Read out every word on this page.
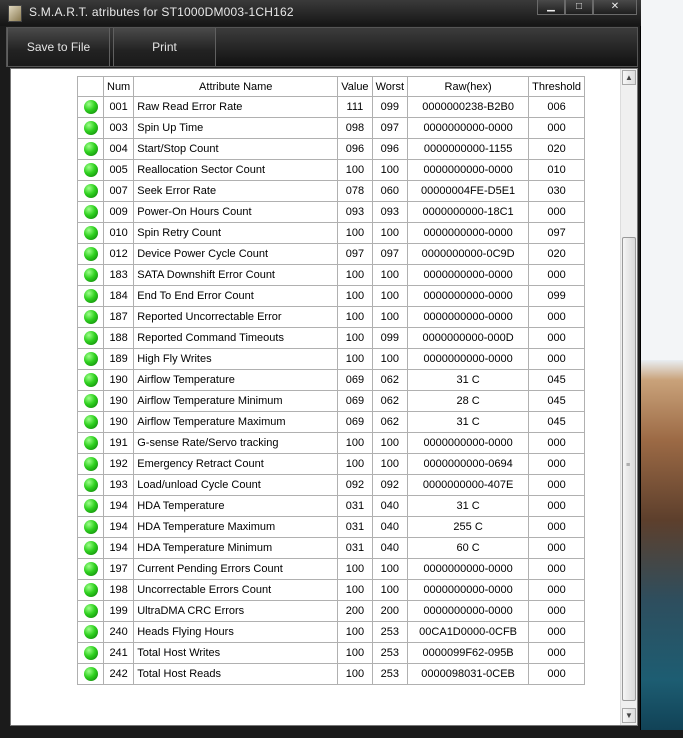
S.M.A.R.T. atributes for ST1000DM003-1CH162	▁	□	✕
Save to File	Print
	Num	Attribute Name	Value	Worst	Raw(hex)	Threshold

	001	Raw Read Error Rate	111	099	0000000238-B2B0	006

	003	Spin Up Time	098	097	0000000000-0000	000

	004	Start/Stop Count	096	096	0000000000-1155	020

	005	Reallocation Sector Count	100	100	0000000000-0000	010

	007	Seek Error Rate	078	060	00000004FE-D5E1	030

	009	Power-On Hours Count	093	093	0000000000-18C1	000

	010	Spin Retry Count	100	100	0000000000-0000	097

	012	Device Power Cycle Count	097	097	0000000000-0C9D	020

	183	SATA Downshift Error Count	100	100	0000000000-0000	000

	184	End To End Error Count	100	100	0000000000-0000	099

	187	Reported Uncorrectable Error	100	100	0000000000-0000	000

	188	Reported Command Timeouts	100	099	0000000000-000D	000

	189	High Fly Writes	100	100	0000000000-0000	000

	190	Airflow Temperature	069	062	31 C	045

	190	Airflow Temperature Minimum	069	062	28 C	045

	190	Airflow Temperature Maximum	069	062	31 C	045

	191	G-sense Rate/Servo tracking	100	100	0000000000-0000	000

	192	Emergency Retract Count	100	100	0000000000-0694	000

	193	Load/unload Cycle Count	092	092	0000000000-407E	000

	194	HDA Temperature	031	040	31 C	000

	194	HDA Temperature Maximum	031	040	255 C	000

	194	HDA Temperature Minimum	031	040	60 C	000

	197	Current Pending Errors Count	100	100	0000000000-0000	000

	198	Uncorrectable Errors Count	100	100	0000000000-0000	000

	199	UltraDMA CRC Errors	200	200	0000000000-0000	000

	240	Heads Flying Hours	100	253	00CA1D0000-0CFB	000

	241	Total Host Writes	100	253	0000099F62-095B	000

	242	Total Host Reads	100	253	0000098031-0CEB	000
▲
≡
▼
